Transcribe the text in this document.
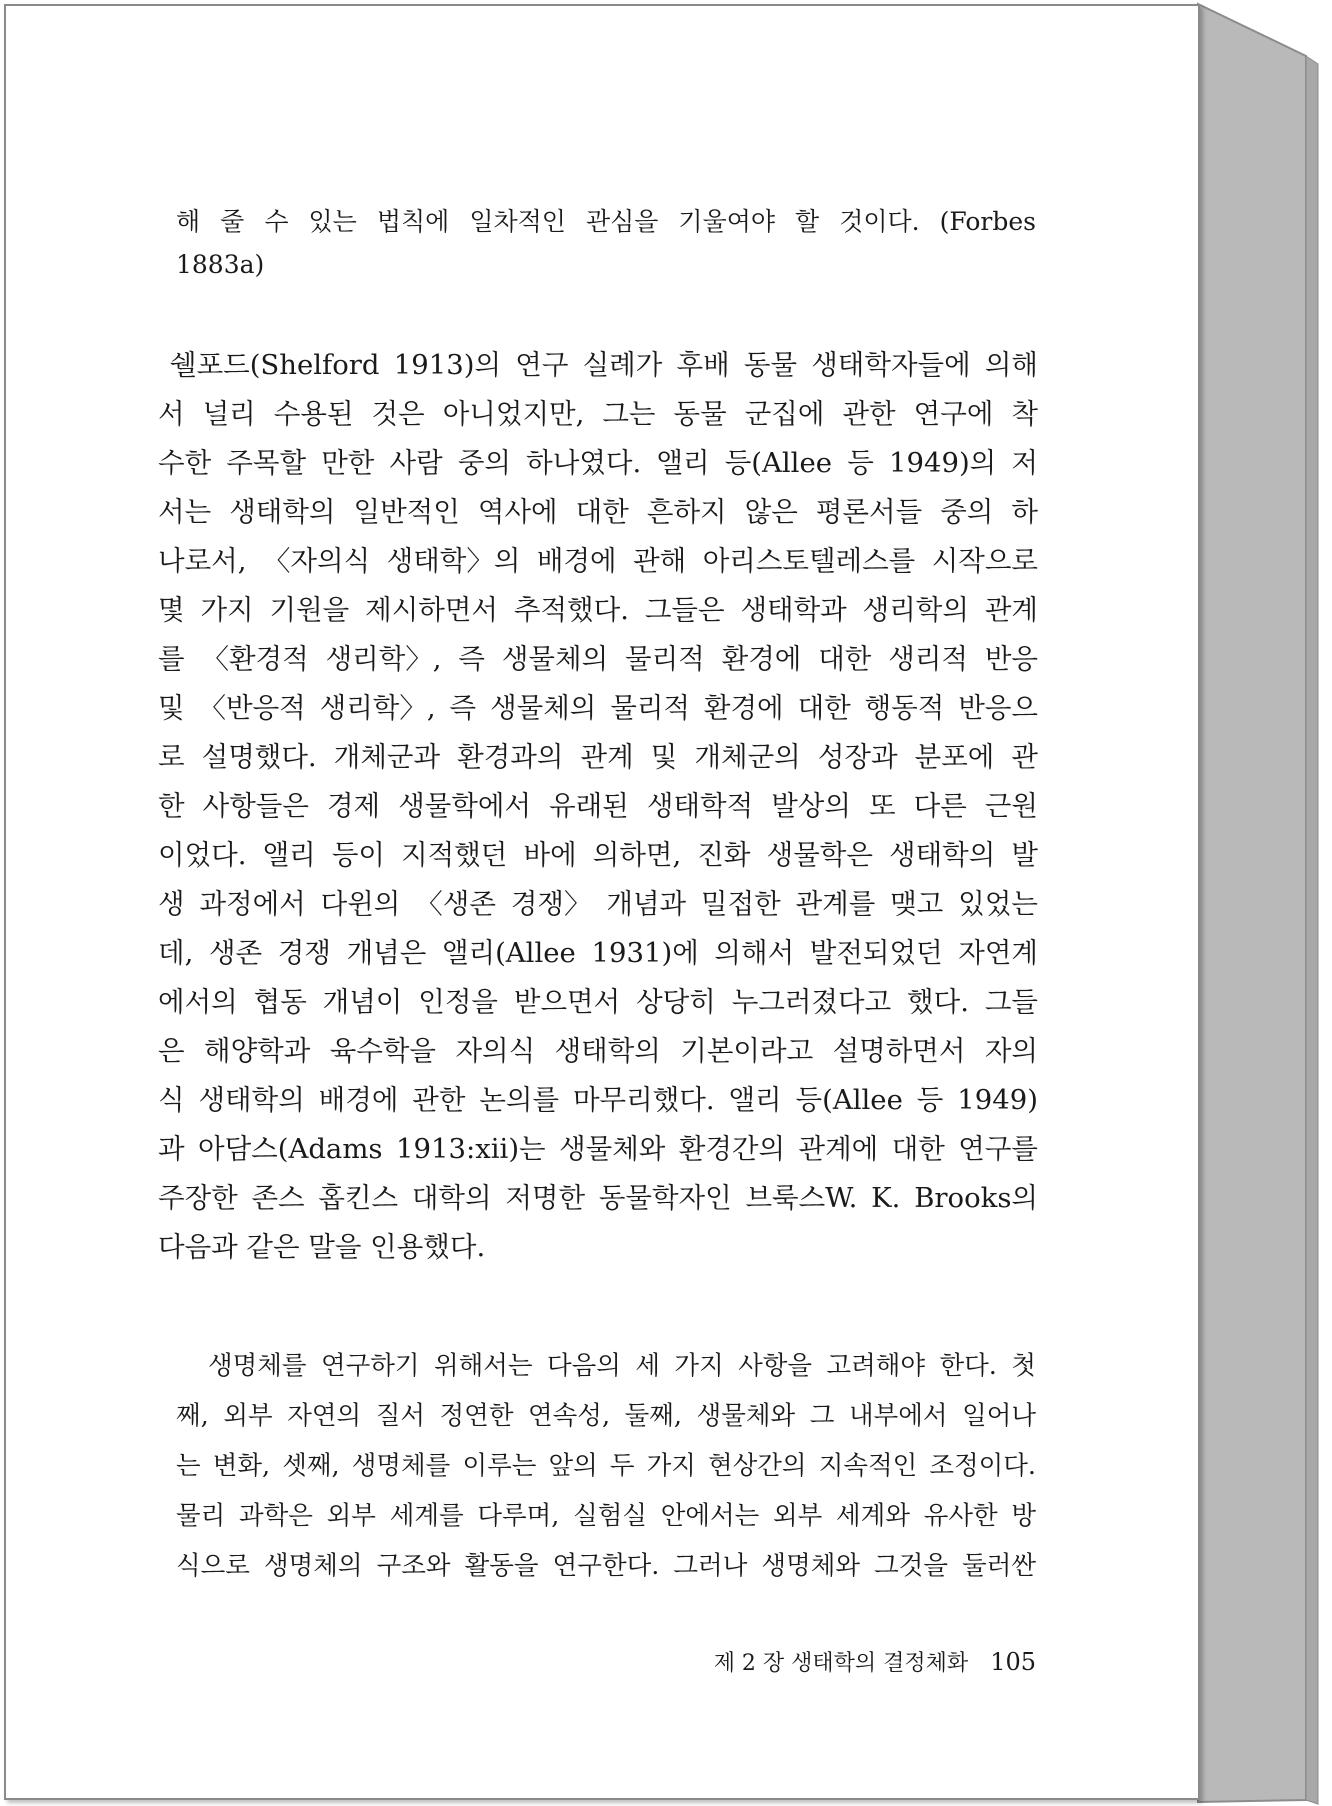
해 줄 수 있는 법칙에 일차적인 관심을 기울여야 할 것이다. (Forbes
1883a)
쉘포드(Shelford 1913)의 연구 실례가 후배 동물 생태학자들에 의해
서 널리 수용된 것은 아니었지만, 그는 동물 군집에 관한 연구에 착
수한 주목할 만한 사람 중의 하나였다. 앨리 등(Allee 등 1949)의 저
서는 생태학의 일반적인 역사에 대한 흔하지 않은 평론서들 중의 하
나로서, 〈자의식 생태학〉의 배경에 관해 아리스토텔레스를 시작으로
몇 가지 기원을 제시하면서 추적했다. 그들은 생태학과 생리학의 관계
를 〈환경적 생리학〉, 즉 생물체의 물리적 환경에 대한 생리적 반응
및 〈반응적 생리학〉, 즉 생물체의 물리적 환경에 대한 행동적 반응으
로 설명했다. 개체군과 환경과의 관계 및 개체군의 성장과 분포에 관
한 사항들은 경제 생물학에서 유래된 생태학적 발상의 또 다른 근원
이었다. 앨리 등이 지적했던 바에 의하면, 진화 생물학은 생태학의 발
생 과정에서 다윈의 〈생존 경쟁〉 개념과 밀접한 관계를 맺고 있었는
데, 생존 경쟁 개념은 앨리(Allee 1931)에 의해서 발전되었던 자연계
에서의 협동 개념이 인정을 받으면서 상당히 누그러졌다고 했다. 그들
은 해양학과 육수학을 자의식 생태학의 기본이라고 설명하면서 자의
식 생태학의 배경에 관한 논의를 마무리했다. 앨리 등(Allee 등 1949)
과 아담스(Adams 1913:xii)는 생물체와 환경간의 관계에 대한 연구를
주장한 존스 홉킨스 대학의 저명한 동물학자인 브룩스W. K. Brooks의
다음과 같은 말을 인용했다.
생명체를 연구하기 위해서는 다음의 세 가지 사항을 고려해야 한다. 첫
째, 외부 자연의 질서 정연한 연속성, 둘째, 생물체와 그 내부에서 일어나
는 변화, 셋째, 생명체를 이루는 앞의 두 가지 현상간의 지속적인 조정이다.
물리 과학은 외부 세계를 다루며, 실험실 안에서는 외부 세계와 유사한 방
식으로 생명체의 구조와 활동을 연구한다. 그러나 생명체와 그것을 둘러싼
제 2 장 생태학의 결정체화 105
